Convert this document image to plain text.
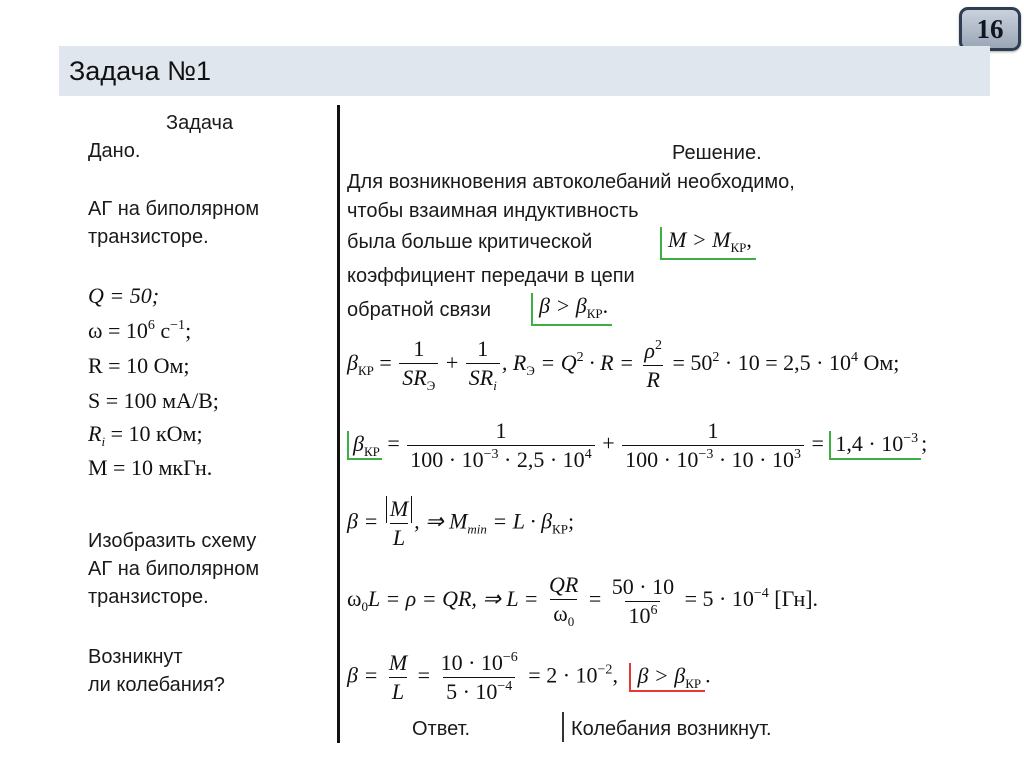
16
Задача №1
Задача
Дано.
АГ на биполярном
транзисторе.
Q = 50;
$\omega = 10^6$ $с^{-1}$;
R = 10 Ом;
S = 100 мА/В;
$R_i = 10$ кОм;
M = 10 мкГн.
Изобразить схему
АГ на биполярном
транзисторе.
Возникнут
ли колебания?
Решение.
Для возникновения автоколебаний необходимо,
чтобы взаимная индуктивность
была больше критической	$M > M_{КР}$,
коэффициент передачи в цепи
обратной связи	$\beta > \beta_{КР}$.
$\beta_{КР} = \frac{1}{SR_Э} + \frac{1}{SR_i}$ , $R_Э = Q^2 \cdot R = \frac{\rho^2}{R} = 50^2 \cdot 10 = 2,5 \cdot 10^4$ Ом;
$\beta_{КР} = \frac{1}{100 \cdot 10^{-3} \cdot 2,5 \cdot 10^4} + \frac{1}{100 \cdot 10^{-3} \cdot 10 \cdot 10^3} = 1,4 \cdot 10^{-3}$ ;
$\beta = \frac{M}{L}$ , ⇒ $M_{min} = L \cdot \beta_{КР}$;
$\omega_0L = \rho$ = QR, ⇒ $L = \frac{QR}{\omega_0} = \frac{50 \cdot 10}{10^6} = 5 \cdot 10^{-4}$ [Гн].
$\beta = \frac{M}{L} = \frac{10 \cdot 10^{-6}}{5 \cdot 10^{-4}} = 2 \cdot 10^{-2}$, $\beta > \beta_{КР}$ .
Ответ.	Колебания возникнут.
